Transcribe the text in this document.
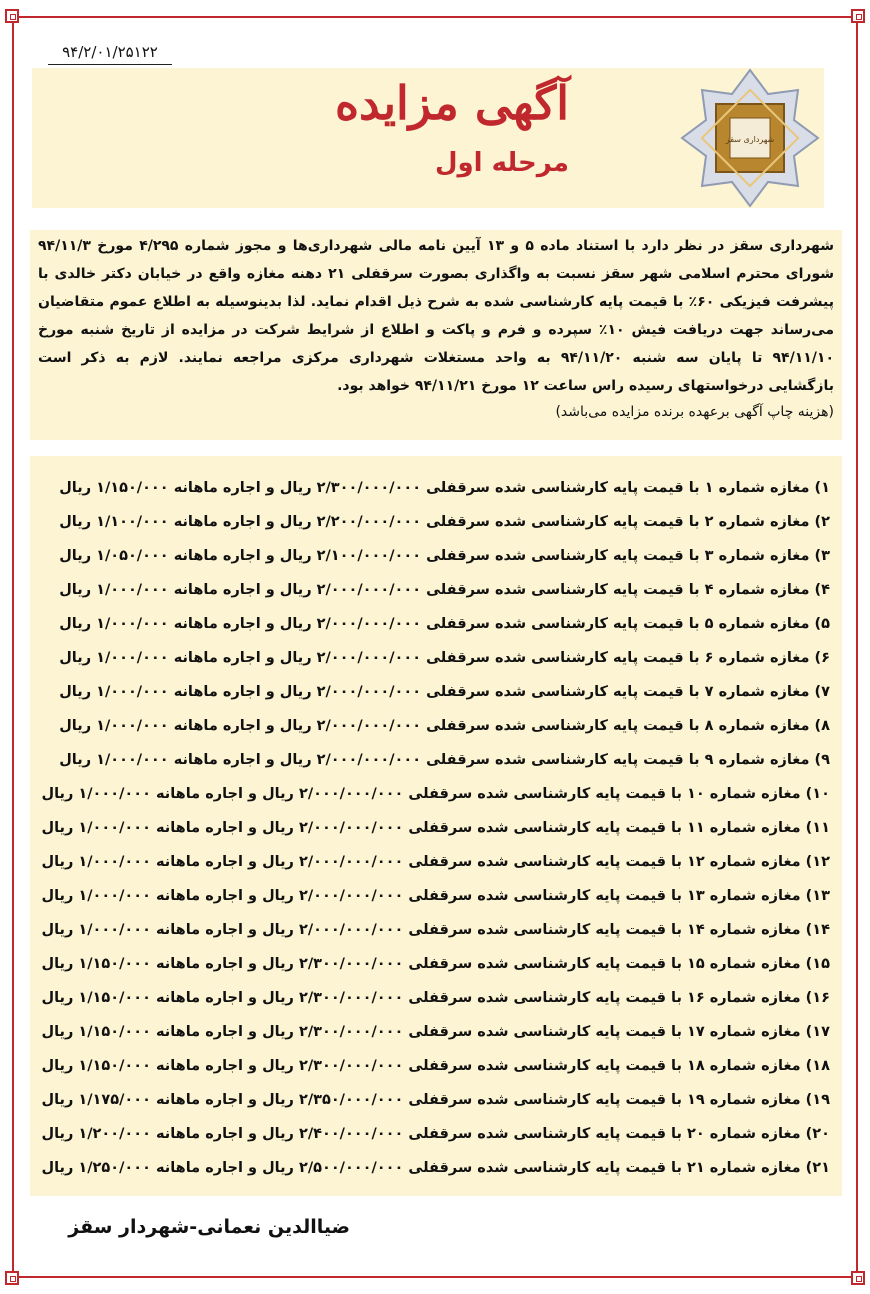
۹۴/۲/۰۱/۲۵۱۲۲
آگهی مزایده
مرحله اول
شهرداری سقز
شهرداری سقز در نظر دارد با استناد ماده ۵ و ۱۳ آیین نامه مالی شهرداری‌ها و مجوز شماره ۴/۲۹۵ مورخ ۹۴/۱۱/۳
شورای محترم اسلامی شهر سقز نسبت به واگذاری بصورت سرقفلی ۲۱ دهنه مغازه واقع در خیابان دکتر خالدی با
پیشرفت فیزیکی ۶۰٪ با قیمت پایه کارشناسی شده به شرح ذیل اقدام نماید. لذا بدینوسیله به اطلاع عموم متقاضیان
می‌رساند جهت دریافت فیش ۱۰٪ سپرده و فرم و پاکت و اطلاع از شرایط شرکت در مزایده از تاریخ شنبه مورخ
۹۴/۱۱/۱۰ تا پایان سه شنبه ۹۴/۱۱/۲۰ به واحد مستغلات شهرداری مرکزی مراجعه نمایند. لازم به ذکر است
بازگشایی درخواستهای رسیده راس ساعت ۱۲ مورخ ۹۴/۱۱/۲۱ خواهد بود.
(هزینه چاپ آگهی برعهده برنده مزایده می‌باشد)
۱) مغازه شماره ۱ با قیمت پایه کارشناسی شده سرقفلی ۲/۳۰۰/۰۰۰/۰۰۰ ریال و اجاره ماهانه ۱/۱۵۰/۰۰۰ ریال
۲) مغازه شماره ۲ با قیمت پایه کارشناسی شده سرقفلی ۲/۲۰۰/۰۰۰/۰۰۰ ریال و اجاره ماهانه ۱/۱۰۰/۰۰۰ ریال
۳) مغازه شماره ۳ با قیمت پایه کارشناسی شده سرقفلی ۲/۱۰۰/۰۰۰/۰۰۰ ریال و اجاره ماهانه ۱/۰۵۰/۰۰۰ ریال
۴) مغازه شماره ۴ با قیمت پایه کارشناسی شده سرقفلی ۲/۰۰۰/۰۰۰/۰۰۰ ریال و اجاره ماهانه ۱/۰۰۰/۰۰۰ ریال
۵) مغازه شماره ۵ با قیمت پایه کارشناسی شده سرقفلی ۲/۰۰۰/۰۰۰/۰۰۰ ریال و اجاره ماهانه ۱/۰۰۰/۰۰۰ ریال
۶) مغازه شماره ۶ با قیمت پایه کارشناسی شده سرقفلی ۲/۰۰۰/۰۰۰/۰۰۰ ریال و اجاره ماهانه ۱/۰۰۰/۰۰۰ ریال
۷) مغازه شماره ۷ با قیمت پایه کارشناسی شده سرقفلی ۲/۰۰۰/۰۰۰/۰۰۰ ریال و اجاره ماهانه ۱/۰۰۰/۰۰۰ ریال
۸) مغازه شماره ۸ با قیمت پایه کارشناسی شده سرقفلی ۲/۰۰۰/۰۰۰/۰۰۰ ریال و اجاره ماهانه ۱/۰۰۰/۰۰۰ ریال
۹) مغازه شماره ۹ با قیمت پایه کارشناسی شده سرقفلی ۲/۰۰۰/۰۰۰/۰۰۰ ریال و اجاره ماهانه ۱/۰۰۰/۰۰۰ ریال
۱۰) مغازه شماره ۱۰ با قیمت پایه کارشناسی شده سرقفلی ۲/۰۰۰/۰۰۰/۰۰۰ ریال و اجاره ماهانه ۱/۰۰۰/۰۰۰ ریال
۱۱) مغازه شماره ۱۱ با قیمت پایه کارشناسی شده سرقفلی ۲/۰۰۰/۰۰۰/۰۰۰ ریال و اجاره ماهانه ۱/۰۰۰/۰۰۰ ریال
۱۲) مغازه شماره ۱۲ با قیمت پایه کارشناسی شده سرقفلی ۲/۰۰۰/۰۰۰/۰۰۰ ریال و اجاره ماهانه ۱/۰۰۰/۰۰۰ ریال
۱۳) مغازه شماره ۱۳ با قیمت پایه کارشناسی شده سرقفلی ۲/۰۰۰/۰۰۰/۰۰۰ ریال و اجاره ماهانه ۱/۰۰۰/۰۰۰ ریال
۱۴) مغازه شماره ۱۴ با قیمت پایه کارشناسی شده سرقفلی ۲/۰۰۰/۰۰۰/۰۰۰ ریال و اجاره ماهانه ۱/۰۰۰/۰۰۰ ریال
۱۵) مغازه شماره ۱۵ با قیمت پایه کارشناسی شده سرقفلی ۲/۳۰۰/۰۰۰/۰۰۰ ریال و اجاره ماهانه ۱/۱۵۰/۰۰۰ ریال
۱۶) مغازه شماره ۱۶ با قیمت پایه کارشناسی شده سرقفلی ۲/۳۰۰/۰۰۰/۰۰۰ ریال و اجاره ماهانه ۱/۱۵۰/۰۰۰ ریال
۱۷) مغازه شماره ۱۷ با قیمت پایه کارشناسی شده سرقفلی ۲/۳۰۰/۰۰۰/۰۰۰ ریال و اجاره ماهانه ۱/۱۵۰/۰۰۰ ریال
۱۸) مغازه شماره ۱۸ با قیمت پایه کارشناسی شده سرقفلی ۲/۳۰۰/۰۰۰/۰۰۰ ریال و اجاره ماهانه ۱/۱۵۰/۰۰۰ ریال
۱۹) مغازه شماره ۱۹ با قیمت پایه کارشناسی شده سرقفلی ۲/۳۵۰/۰۰۰/۰۰۰ ریال و اجاره ماهانه ۱/۱۷۵/۰۰۰ ریال
۲۰) مغازه شماره ۲۰ با قیمت پایه کارشناسی شده سرقفلی ۲/۴۰۰/۰۰۰/۰۰۰ ریال و اجاره ماهانه ۱/۲۰۰/۰۰۰ ریال
۲۱) مغازه شماره ۲۱ با قیمت پایه کارشناسی شده سرقفلی ۲/۵۰۰/۰۰۰/۰۰۰ ریال و اجاره ماهانه ۱/۲۵۰/۰۰۰ ریال
ضیاالدین نعمانی-شهردار سقز
